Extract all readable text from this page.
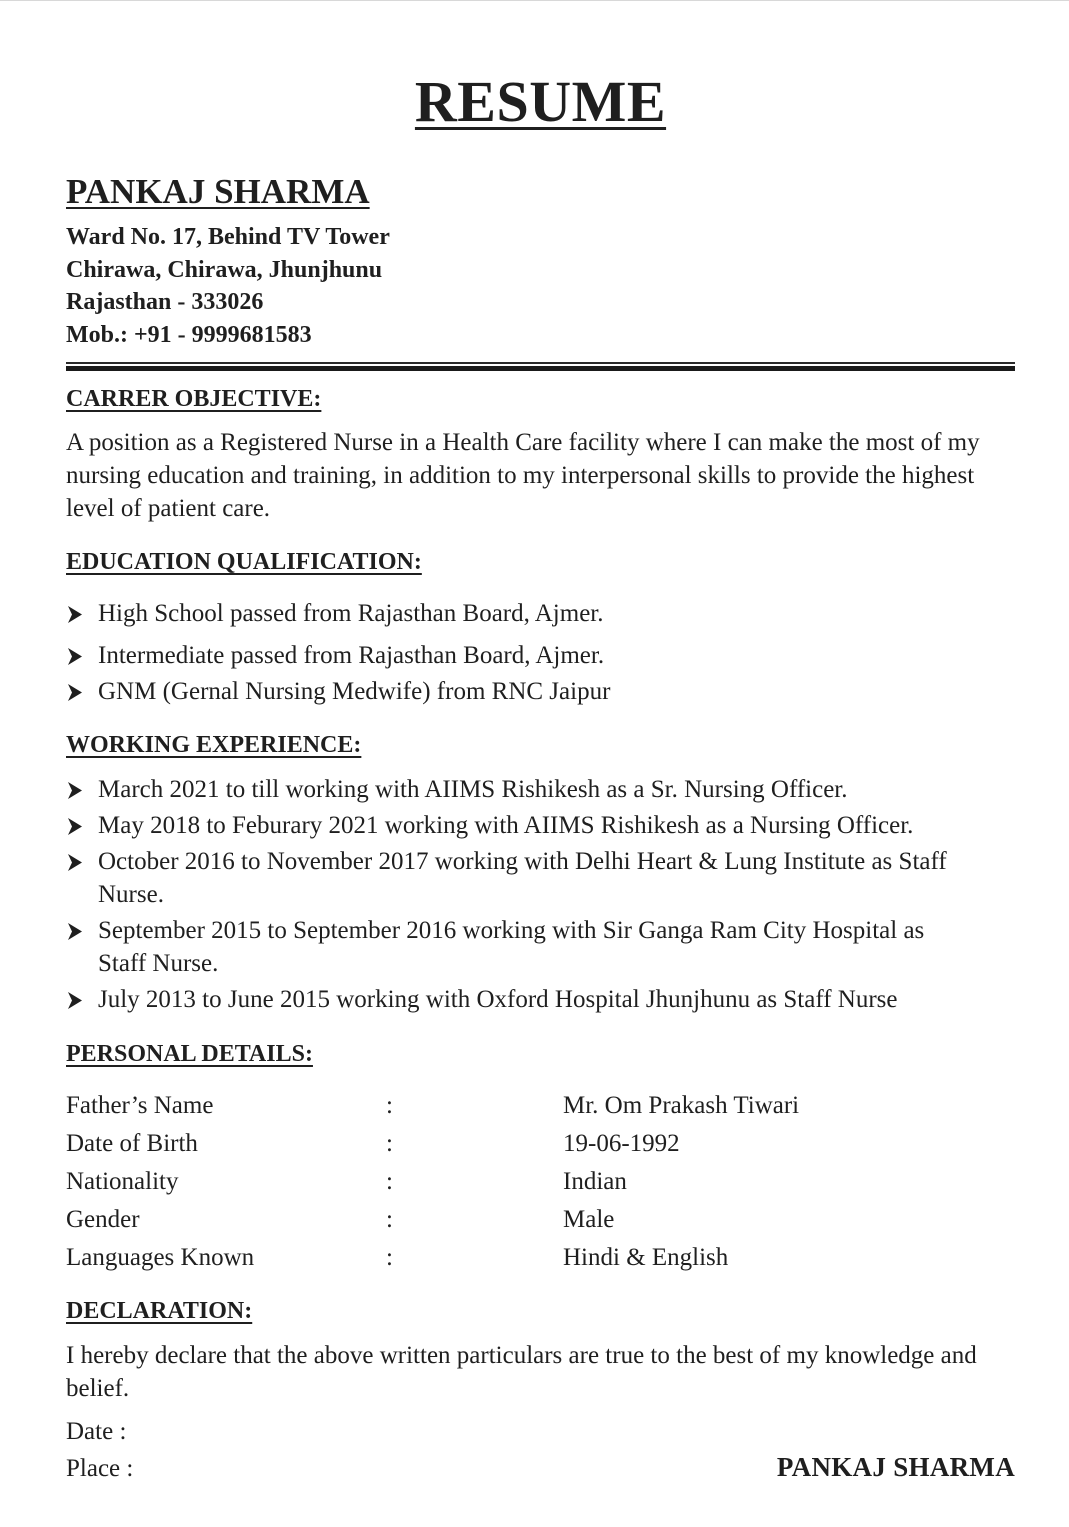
RESUME
PANKAJ SHARMA
Ward No. 17, Behind TV Tower
Chirawa, Chirawa, Jhunjhunu
Rajasthan - 333026
Mob.: +91 - 9999681583
CARRER OBJECTIVE:
A position as a Registered Nurse in a Health Care facility where I can make the most of my nursing education and training, in addition to my interpersonal skills to provide the highest level of patient care.
EDUCATION QUALIFICATION:
High School passed from Rajasthan Board, Ajmer.
Intermediate passed from Rajasthan Board, Ajmer.
GNM (Gernal Nursing Medwife) from RNC Jaipur
WORKING EXPERIENCE:
March 2021 to till working with AIIMS Rishikesh as a Sr. Nursing Officer.
May 2018 to Feburary 2021 working with AIIMS Rishikesh as a Nursing Officer.
October 2016 to November 2017 working with Delhi Heart & Lung Institute as Staff Nurse.
September 2015 to September 2016 working with Sir Ganga Ram City Hospital as Staff Nurse.
July 2013 to June 2015 working with Oxford Hospital Jhunjhunu as Staff Nurse
PERSONAL DETAILS:
Father’s Name	:	Mr. Om Prakash Tiwari
Date of Birth	:	19-06-1992
Nationality	:	Indian
Gender	:	Male
Languages Known	:	Hindi & English
DECLARATION:
I hereby declare that the above written particulars are true to the best of my knowledge and belief.
Date :
Place :	PANKAJ SHARMA
